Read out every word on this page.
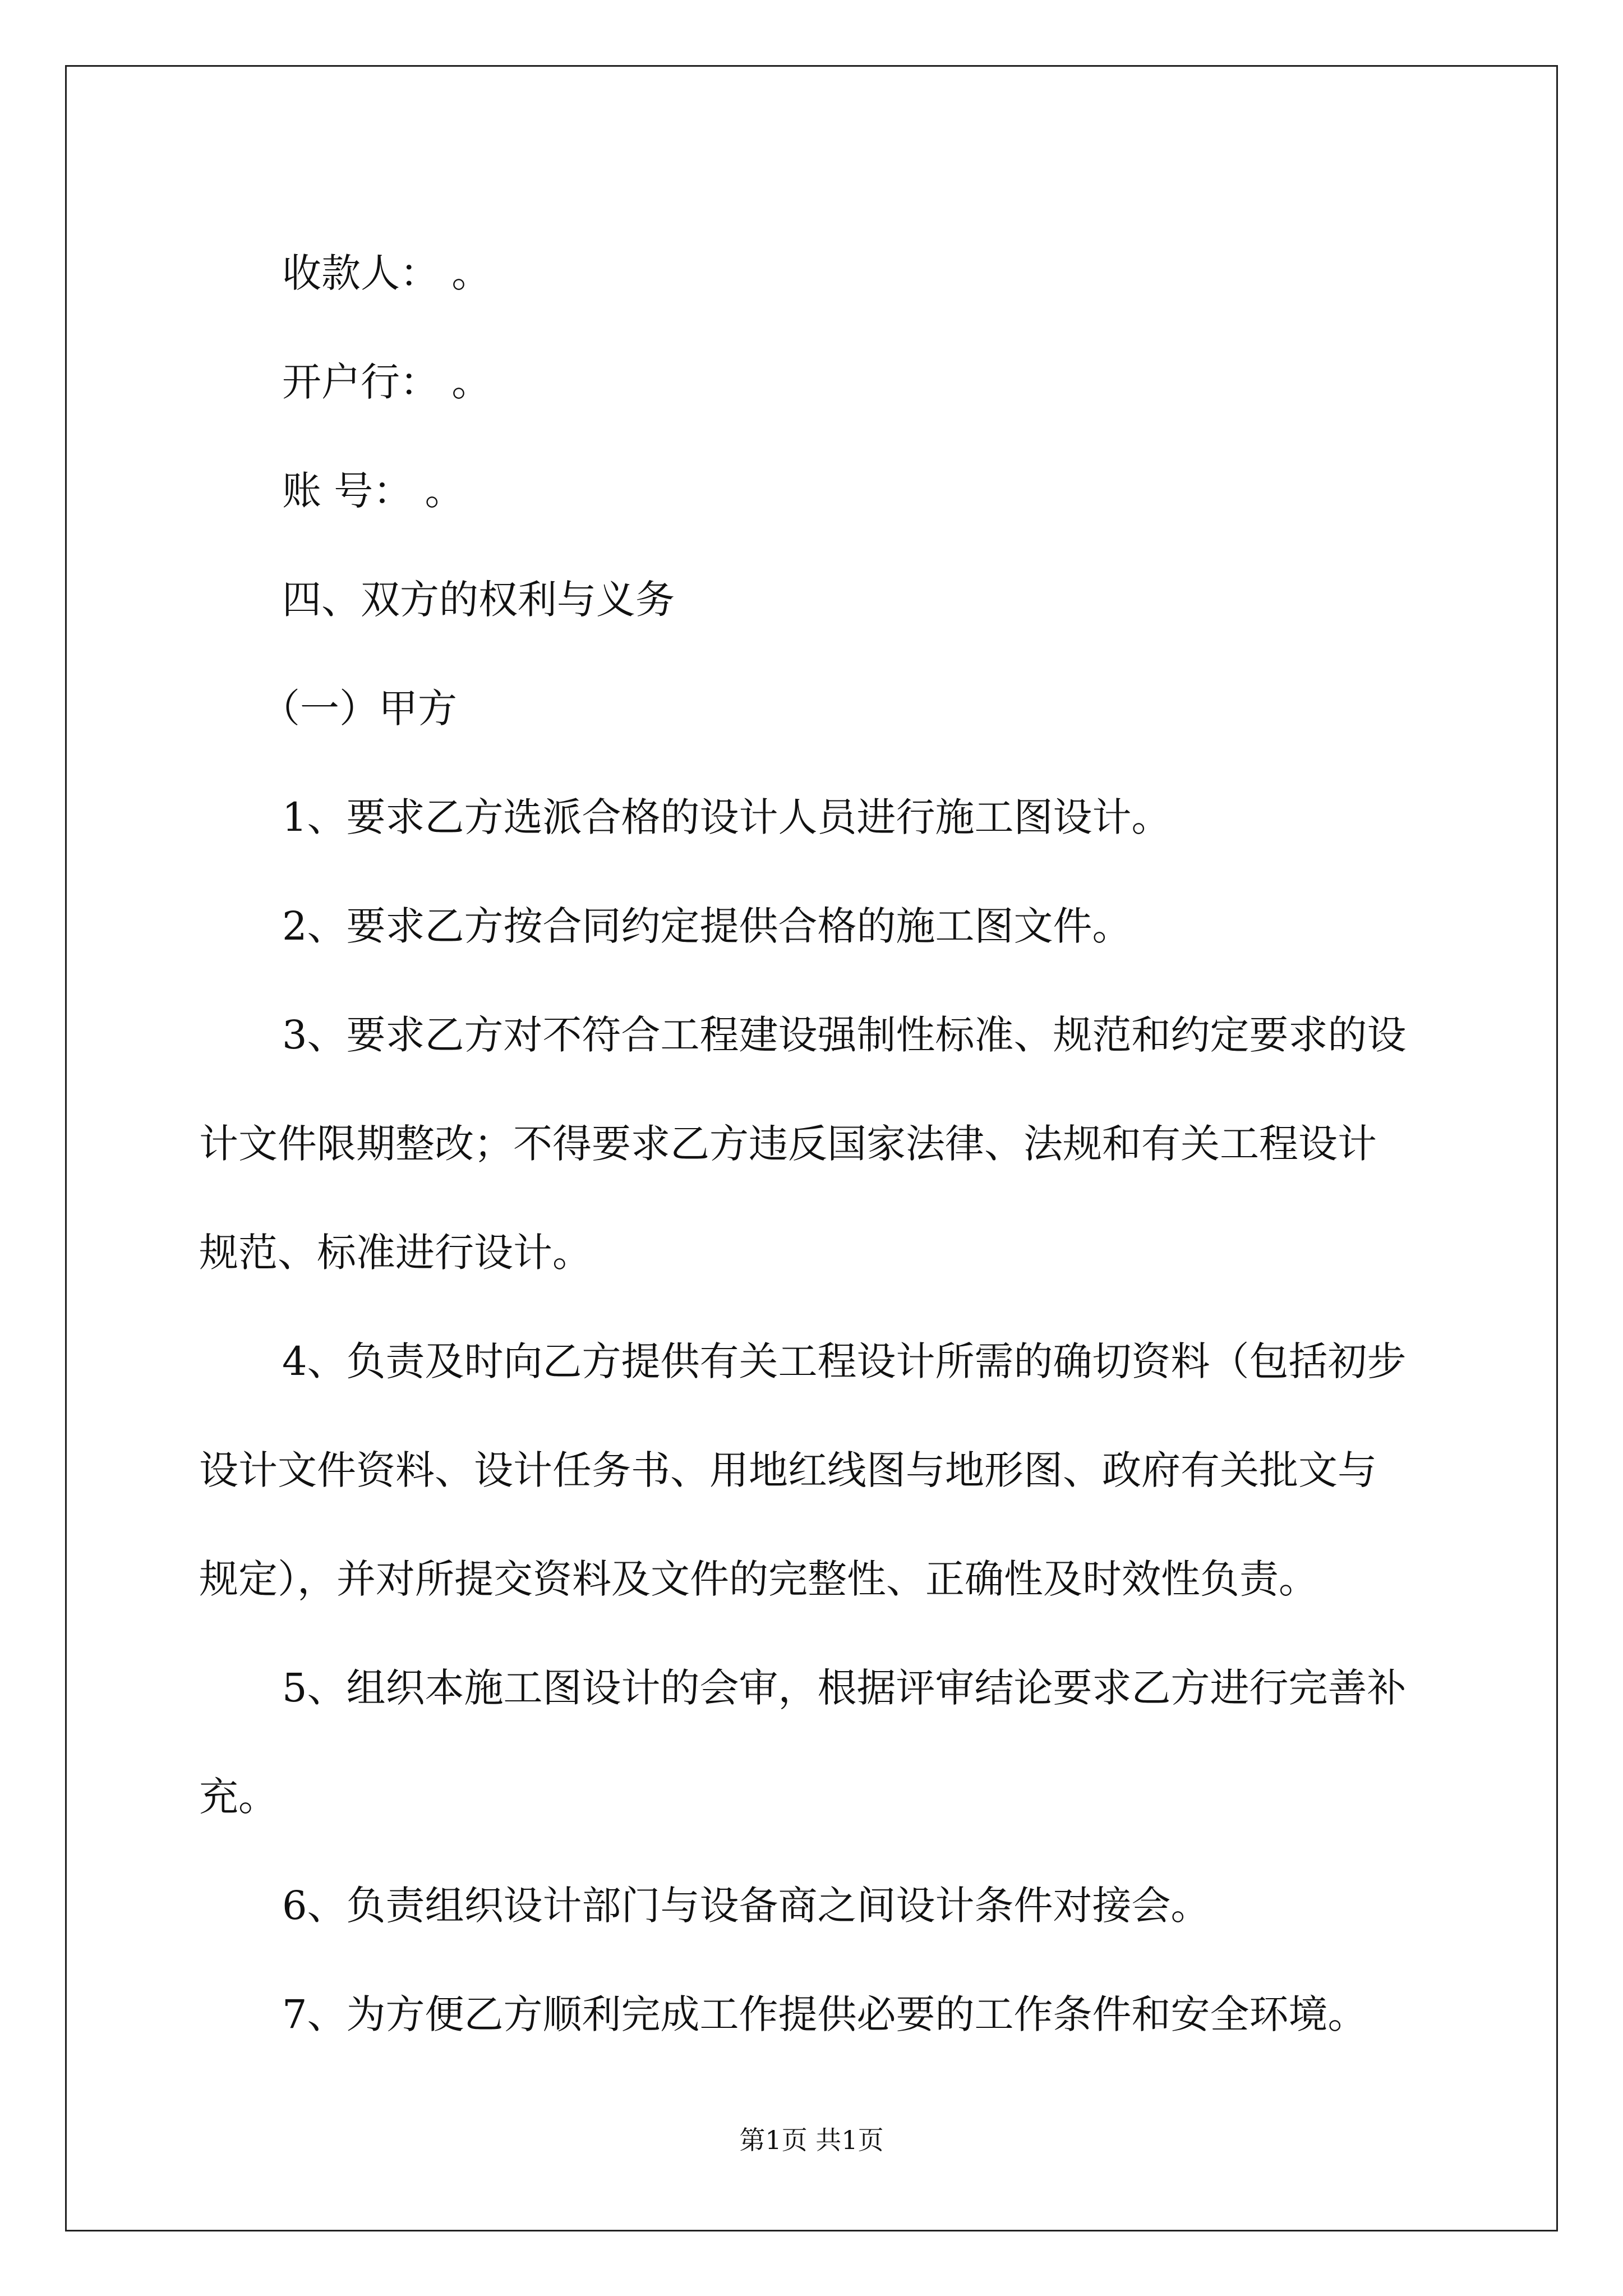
收款人： 。
开户行： 。
账 号： 。
四、双方的权利与义务
（一）甲方
1、要求乙方选派合格的设计人员进行施工图设计。
2、要求乙方按合同约定提供合格的施工图文件。
3、要求乙方对不符合工程建设强制性标准、规范和约定要求的设
计文件限期整改；不得要求乙方违反国家法律、法规和有关工程设计
规范、标准进行设计。
4、负责及时向乙方提供有关工程设计所需的确切资料（包括初步
设计文件资料、设计任务书、用地红线图与地形图、政府有关批文与
规定），并对所提交资料及文件的完整性、正确性及时效性负责。
5、组织本施工图设计的会审，根据评审结论要求乙方进行完善补
充。
6、负责组织设计部门与设备商之间设计条件对接会。
7、为方便乙方顺利完成工作提供必要的工作条件和安全环境。
第1页 共1页
